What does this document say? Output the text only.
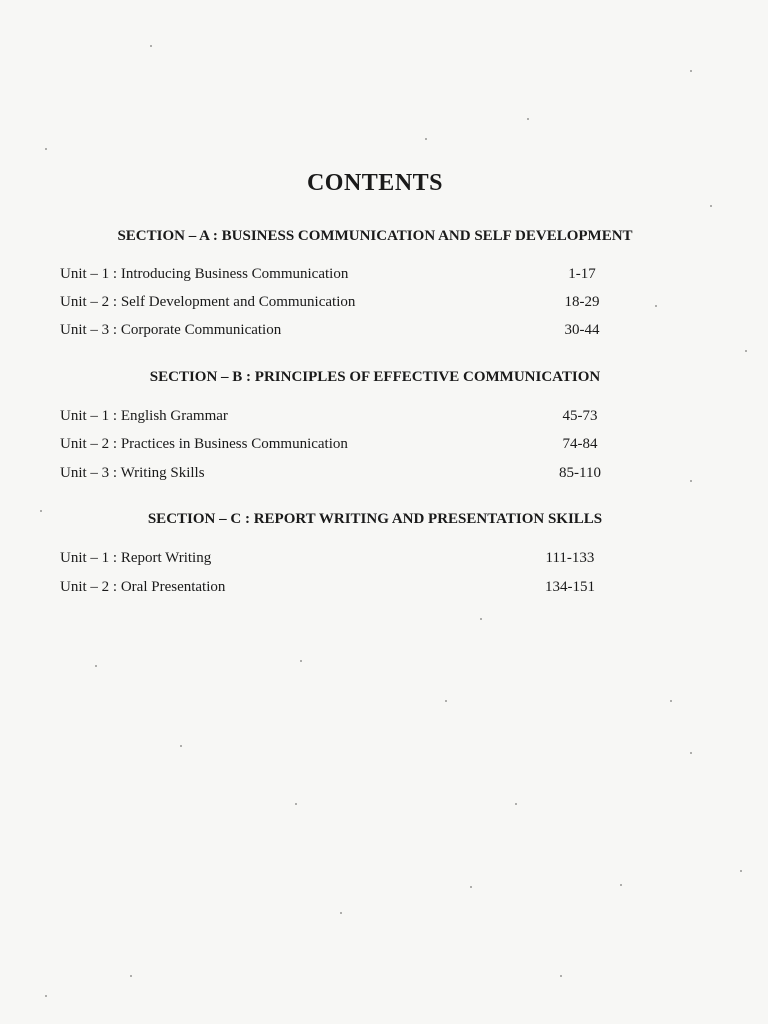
CONTENTS
SECTION – A : BUSINESS COMMUNICATION AND SELF DEVELOPMENT
Unit – 1 : Introducing Business Communication	1-17
Unit – 2 : Self Development and Communication	18-29
Unit – 3 : Corporate Communication	30-44
SECTION – B : PRINCIPLES OF EFFECTIVE COMMUNICATION
Unit – 1 : English Grammar	45-73
Unit – 2 : Practices in Business Communication	74-84
Unit – 3 : Writing Skills	85-110
SECTION – C : REPORT WRITING AND PRESENTATION SKILLS
Unit – 1 : Report Writing	111-133
Unit – 2 : Oral Presentation	134-151
